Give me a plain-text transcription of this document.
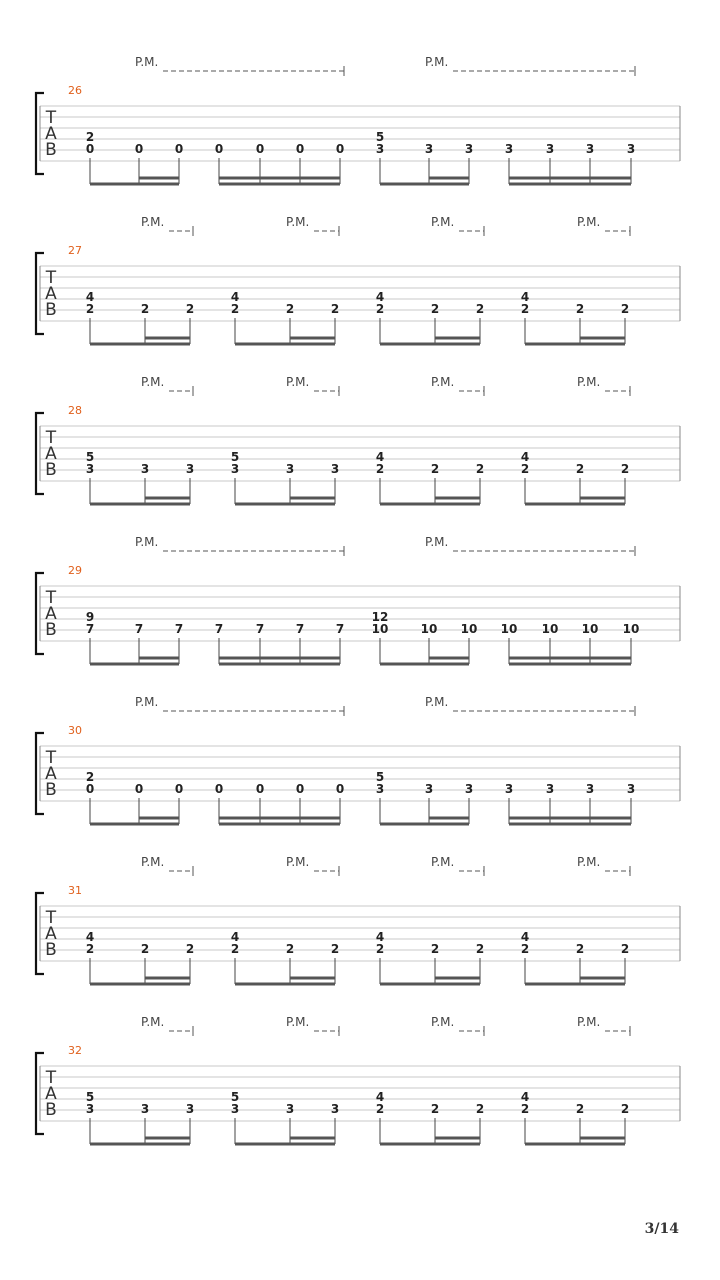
T
A
B
26
P.M.	P.M.
2
0	0	0	0	0	0	0
5
3	3	3	3	3	3	3
T
A
B
27
P.M.	P.M.	P.M.	P.M.
4
2	2	2
4
2	2	2
4
2	2	2
4
2	2	2
T
A
B
28
P.M.	P.M.	P.M.	P.M.
5
3	3	3
5
3	3	3
4
2	2	2
4
2	2	2
T
A
B
29
P.M.	P.M.
9
7	7	7	7	7	7	7
12
10	10 10 10 10 10 10
T
A
B
30
P.M.	P.M.
2
0	0	0	0	0	0	0
5
3	3	3	3	3	3	3
T
A
B
31
P.M.	P.M.	P.M.	P.M.
4
2	2	2
4
2	2	2
4
2	2	2
4
2	2	2
T
A
B
32
P.M.	P.M.	P.M.	P.M.
5
3	3	3
5
3	3	3
4
2	2	2
4
2	2	2
3/14
